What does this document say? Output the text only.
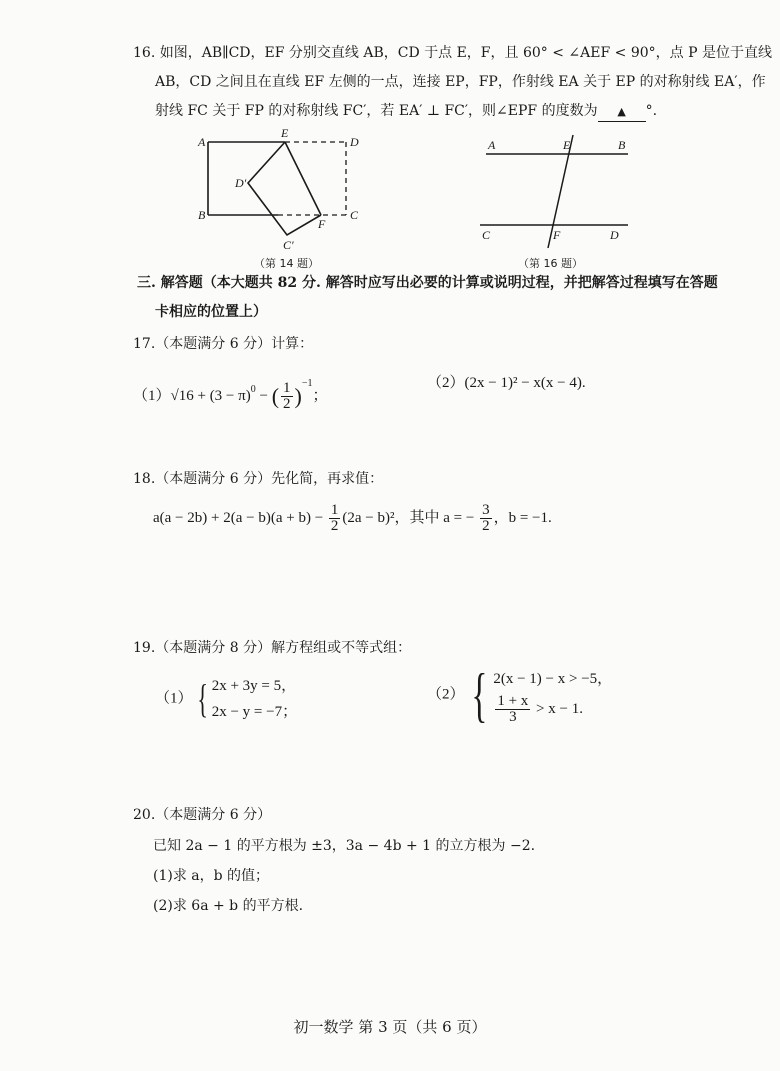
16. 如图，AB∥CD，EF 分别交直线 AB，CD 于点 E，F，且 60° < ∠AEF < 90°，点 P 是位于直线
AB，CD 之间且在直线 EF 左侧的一点，连接 EP，FP，作射线 EA 关于 EP 的对称射线 EA′，作
射线 FC 关于 FP 的对称射线 FC′，若 EA′ ⊥ FC′，则∠EPF 的度数为 ▲ °.
A
B	C
D
E
F
D′
C′
（第 14 题）
A	B
E
C	D
F
（第 16 题）
三. 解答题（本大题共 82 分. 解答时应写出必要的计算或说明过程，并把解答过程填写在答题
卡相应的位置上）
17.（本题满分 6 分）计算：
$(1)√16 + (3 - \pi)^0$ − ( $\frac{1}{2} )^{-1}$；
（2）(2x − 1)² − x(x − 4).
18.（本题满分 6 分）先化简，再求值：
$a(a - 2b) + 2(a - b)(a + b) - \frac{1}{2} (2a - b)^2$，其中 a = − $\frac{3}{2}$ ，b = −1.
19.（本题满分 8 分）解方程组或不等式组：
（1） { 2x + 3y = 5，
2x − y = −7；
（2） { 2(x − 1) − x > −5，
$\frac{1 + x}{3} > x - 1$.
20.（本题满分 6 分）
已知 2a − 1 的平方根为 ±3，3a − 4b + 1 的立方根为 −2.
(1)求 a，b 的值；
(2)求 6a + b 的平方根.
初一数学 第 3 页（共 6 页）
